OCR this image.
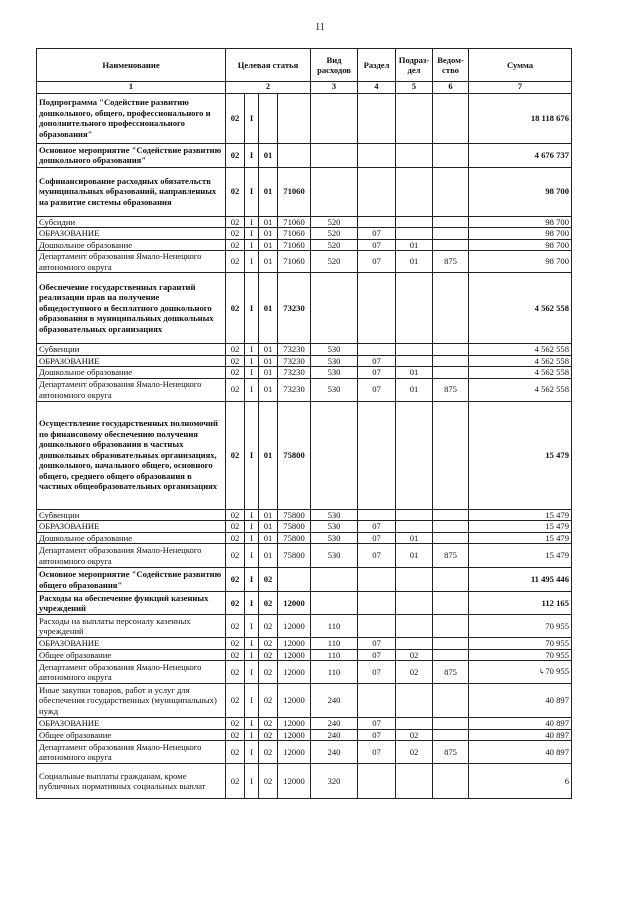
11
Наименование	Целевая статья				Вид расходов	Раздел	Подраз-дел	Ведом-ство	Сумма
1	2				3	4	5	6	7
Подпрограмма "Содействие развитию дошкольного, общего, профессионального и дополнительного профессионального образования"	02	I							18 118 676
Основное мероприятие "Содействие развитию дошкольного образования"	02	I	01						4 676 737
Софинансирование расходных обязательств муниципальных образований, направленных на развитие системы образования	02	I	01	71060					98 700
Субсидии	02	I	01	71060	520				98 700
ОБРАЗОВАНИЕ	02	I	01	71060	520	07			98 700
Дошкольное образование	02	I	01	71060	520	07	01		98 700
Департамент образования Ямало-Ненецкого автономного округа	02	I	01	71060	520	07	01	875	98 700
Обеспечение государственных гарантий реализации прав на получение общедоступного и бесплатного дошкольного образования в муниципальных дошкольных образовательных организациях	02	I	01	73230					4 562 558
Субвенции	02	I	01	73230	530				4 562 558
ОБРАЗОВАНИЕ	02	I	01	73230	530	07			4 562 558
Дошкольное образование	02	I	01	73230	530	07	01		4 562 558
Департамент образования Ямало-Ненецкого автономного округа	02	I	01	73230	530	07	01	875	4 562 558
Осуществление государственных полномочий по финансовому обеспечению получения дошкольного образования в частных дошкольных образовательных организациях, дошкольного, начального общего, основного общего, среднего общего образования в частных общеобразовательных организациях	02	I	01	75800					15 479
Субвенции	02	I	01	75800	530				15 479
ОБРАЗОВАНИЕ	02	I	01	75800	530	07			15 479
Дошкольное образование	02	I	01	75800	530	07	01		15 479
Департамент образования Ямало-Ненецкого автономного округа	02	I	01	75800	530	07	01	875	15 479
Основное мероприятие "Содействие развитию общего образования"	02	I	02						11 495 446
Расходы на обеспечение функций казенных учреждений	02	I	02	12000					112 165
Расходы на выплаты персоналу казенных учреждений	02	I	02	12000	110				70 955
ОБРАЗОВАНИЕ	02	I	02	12000	110	07			70 955
Общее образование	02	I	02	12000	110	07	02		70 955
Департамент образования Ямало-Ненецкого автономного округа	02	I	02	12000	110	07	02	875	↳70 955
Иные закупки товаров, работ и услуг для обеспечения государственных (муниципальных) нужд	02	I	02	12000	240				40 897
ОБРАЗОВАНИЕ	02	I	02	12000	240	07			40 897
Общее образование	02	I	02	12000	240	07	02		40 897
Департамент образования Ямало-Ненецкого автономного округа	02	I	02	12000	240	07	02	875	40 897
Социальные выплаты гражданам, кроме публичных нормативных социальных выплат	02	I	02	12000	320				6
